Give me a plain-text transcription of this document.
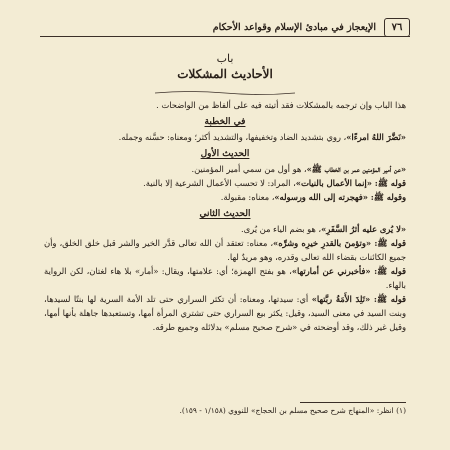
٧٦
الإيعجاز في مبادئ الإسلام وقواعد الأحكام
باب
الأحاديث المشكلات

هذا الباب وإن ترجمه بالمشكلات فقد أتيته فيه على ألفاظ من الواضحات .

في الخطبة

«نَضَّرَ اللهُ امرءًا»، روي بتشديد الضاد وتخفيفها، والتشديد أكثر؛ ومعناه: حسَّنه وجمله.

الحديث الأول

«عن أمير المؤمنين عمر بن الخطاب ﷺ»، هو أول من سمي أمير المؤمنين.

قوله ﷺ: «إنما الأعمال بالنيات»، المراد: لا تحسب الأعمال الشرعية إلا بالنية.

وقوله ﷺ: «فهجرته إلى الله ورسوله»، معناه: مقبولة.

الحديث الثاني

«لا يُرى عليه أثرُ السَّفَرِ»، هو بضم الياء من يُرى.

قوله ﷺ: «وتؤمنَ بالقدرِ خيرِه وشرِّه»، معناه: تعتقد أن الله تعالى قدَّر الخير والشر قبل خلق الخلق، وأن جميع الكائنات بقضاء الله تعالى وقدره، وهو مريدٌ لها.

قوله ﷺ: «فأخبرني عن أمارتها»، هو بفتح الهمزة؛ أي: علامتها، ويقال: «أمار» بلا هاء لغتان، لكن الرواية بالهاء.

قوله ﷺ: «تَلِدَ الأَمَةُ ربَّتها» أي: سيدتها، ومعناه: أن تكثر السراري حتى تلد الأمة السرية لها بنتًا لسيدها، وبنت السيد في معنى السيد، وقيل: يكثر بيع السراري حتى تشتري المرأة أمها، وتستعبدها جاهلة بأنها أمها، وقيل غير ذلك، وقد أوضحته في «شرح صحيح مسلم» بدلائله وجميع طرقه.

(١) انظر: «المنهاج شرح صحيح مسلم بن الحجاج» للنووي (١/١٥٨ - ١٥٩).
